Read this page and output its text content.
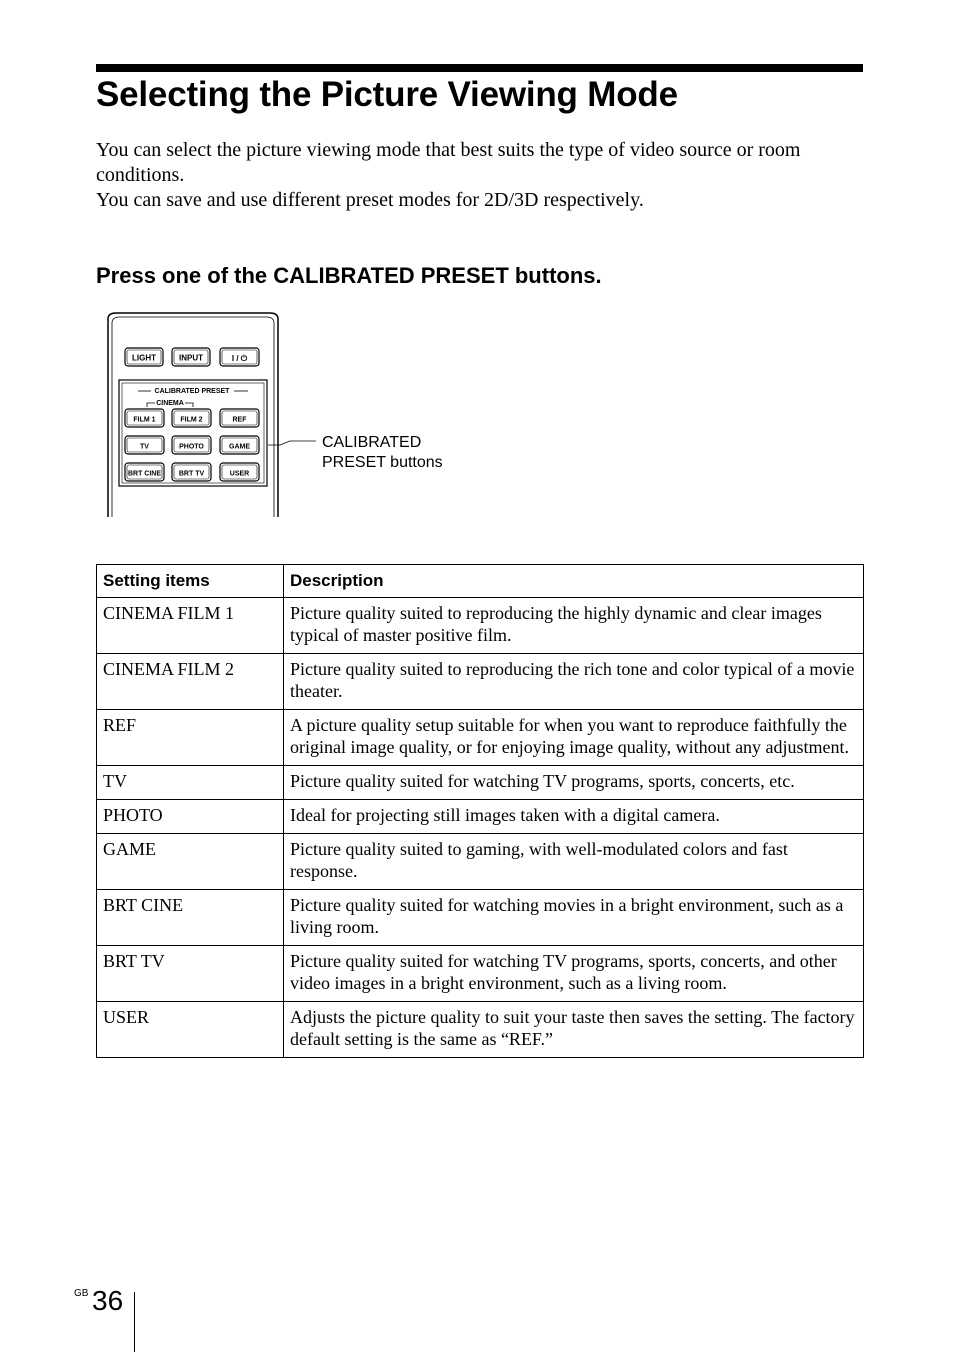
Selecting the Picture Viewing Mode

You can select the picture viewing mode that best suits the type of video source or room conditions.

You can save and use different preset modes for 2D/3D respectively.

Press one of the CALIBRATED PRESET buttons.
LIGHT	INPUT	I / ⏻
CALIBRATED PRESET
CINEMA
FILM 1	FILM 2	REF
TV	PHOTO	GAME
BRT CINE	BRT TV	USER
CALIBRATED
PRESET buttons
Setting items	Description
CINEMA FILM 1	Picture quality suited to reproducing the highly dynamic and clear images typical of master positive film.
CINEMA FILM 2	Picture quality suited to reproducing the rich tone and color typical of a movie theater.
REF	A picture quality setup suitable for when you want to reproduce faithfully the original image quality, or for enjoying image quality, without any adjustment.
TV	Picture quality suited for watching TV programs, sports, concerts, etc.
PHOTO	Ideal for projecting still images taken with a digital camera.
GAME	Picture quality suited to gaming, with well-modulated colors and fast response.
BRT CINE	Picture quality suited for watching movies in a bright environment, such as a living room.
BRT TV	Picture quality suited for watching TV programs, sports, concerts, and other video images in a bright environment, such as a living room.
USER	Adjusts the picture quality to suit your taste then saves the setting. The factory default setting is the same as “REF.”
GB 36
